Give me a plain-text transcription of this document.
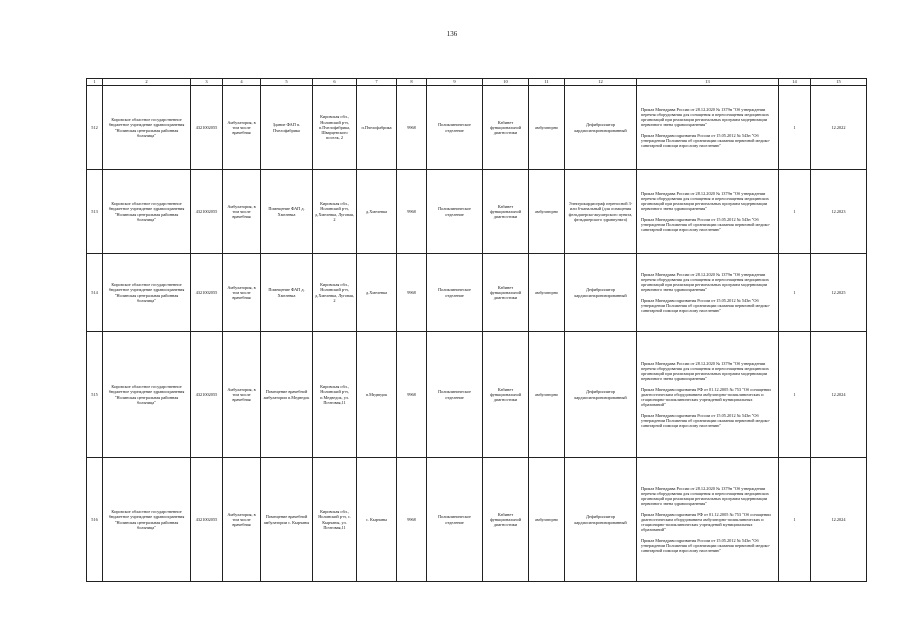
136
1	2	3	4	5	6	7	8	9	10	11	12	13	14	15
512	Кировское областное государственное бюджетное учреждение здравоохранения "Нолинская центральная районная больница"	4321002055	Амбулатория, в том числе врачебная	Здание ФАП п. Пчелофабрика	Кировская обл., Нолинский р-н, п.Пчелофабрика, Шварцевского поселк, 2	п.Пчелофабрика	9968	Поликлиническое отделение	Кабинет функциональной диагностики	амбулаторно	Дефибриллятор кардиосинхронизированный	Приказ Минздрава России от 28.12.2020 № 1379н "Об утверждении перечня оборудования для оснащения и переоснащения медицинских организаций при реализации региональных программ модернизации первичного звена здравоохранения"
Приказ Минздравсоцразвития России от 15.05.2012 № 543н "Об утверждении Положения об организации оказания первичной медико-санитарной помощи взрослому населению"	1	12.2022
513	Кировское областное государственное бюджетное учреждение здравоохранения "Нолинская центральная районная больница"	4321002055	Амбулатория, в том числе врачебная	Помещение ФАП д. Хмелевка	Кировская обл., Нолинский р-н, д.Хмелевка, Луговая, 2	д.Хмелевка	9968	Поликлиническое отделение	Кабинет функциональной диагностики	амбулаторно	Электрокардиограф переносной 3- или 6-канальный (для оснащения фельдшерско-акушерского пункта, фельдшерского здравпункта)	Приказ Минздрава России от 28.12.2020 № 1379н "Об утверждении перечня оборудования для оснащения и переоснащения медицинских организаций при реализации региональных программ модернизации первичного звена здравоохранения"
Приказ Минздравсоцразвития России от 15.05.2012 № 543н "Об утверждении Положения об организации оказания первичной медико-санитарной помощи взрослому населению"	1	12.2023
514	Кировское областное государственное бюджетное учреждение здравоохранения "Нолинская центральная районная больница"	4321002055	Амбулатория, в том числе врачебная	Помещение ФАП д. Хмелевка	Кировская обл., Нолинский р-н, д.Хмелевка, Луговая, 2	д.Хмелевка	9968	Поликлиническое отделение	Кабинет функциональной диагностики	амбулаторно	Дефибриллятор кардиосинхронизированный	Приказ Минздрава России от 28.12.2020 № 1379н "Об утверждении перечня оборудования для оснащения и переоснащения медицинских организаций при реализации региональных программ модернизации первичного звена здравоохранения"
Приказ Минздравсоцразвития России от 15.05.2012 № 543н "Об утверждении Положения об организации оказания первичной медико-санитарной помощи взрослому населению"	1	12.2025
515	Кировское областное государственное бюджетное учреждение здравоохранения "Нолинская центральная районная больница"	4321002055	Амбулатория, в том числе врачебная	Помещение врачебной амбулатории п.Медведок	Кировская обл., Нолинский р-н, п.Медведок, ул. Почтовая,11	п.Медведок	9968	Поликлиническое отделение	Кабинет функциональной диагностики	амбулаторно	Дефибриллятор кардиосинхронизированный	Приказ Минздрава России от 28.12.2020 № 1379н "Об утверждении перечня оборудования для оснащения и переоснащения медицинских организаций при реализации региональных программ модернизации первичного звена здравоохранения"
Приказ Минздравсоцразвития РФ от 01.12.2005 № 753 "Об оснащении диагностическим оборудованием амбулаторно-поликлинических и стационарно-поликлинических учреждений муниципальных образований"
Приказ Минздравсоцразвития России от 15.05.2012 № 543н "Об утверждении Положения об организации оказания первичной медико-санитарной помощи взрослому населению"	1	12.2024
516	Кировское областное государственное бюджетное учреждение здравоохранения "Нолинская центральная районная больница"	4321002055	Амбулатория, в том числе врачебная	Помещение врачебной амбулатории с. Кырчаны	Кировская обл., Нолинский р-н, с. Кырчаны, ул. Почтовая,11	с. Кырчаны	9968	Поликлиническое отделение	Кабинет функциональной диагностики	амбулаторно	Дефибриллятор кардиосинхронизированный	Приказ Минздрава России от 28.12.2020 № 1379н "Об утверждении перечня оборудования для оснащения и переоснащения медицинских организаций при реализации региональных программ модернизации первичного звена здравоохранения"
Приказ Минздравсоцразвития РФ от 01.12.2005 № 753 "Об оснащении диагностическим оборудованием амбулаторно-поликлинических и стационарно-поликлинических учреждений муниципальных образований"
Приказ Минздравсоцразвития России от 15.05.2012 № 543н "Об утверждении Положения об организации оказания первичной медико-санитарной помощи взрослому населению"	1	12.2024
